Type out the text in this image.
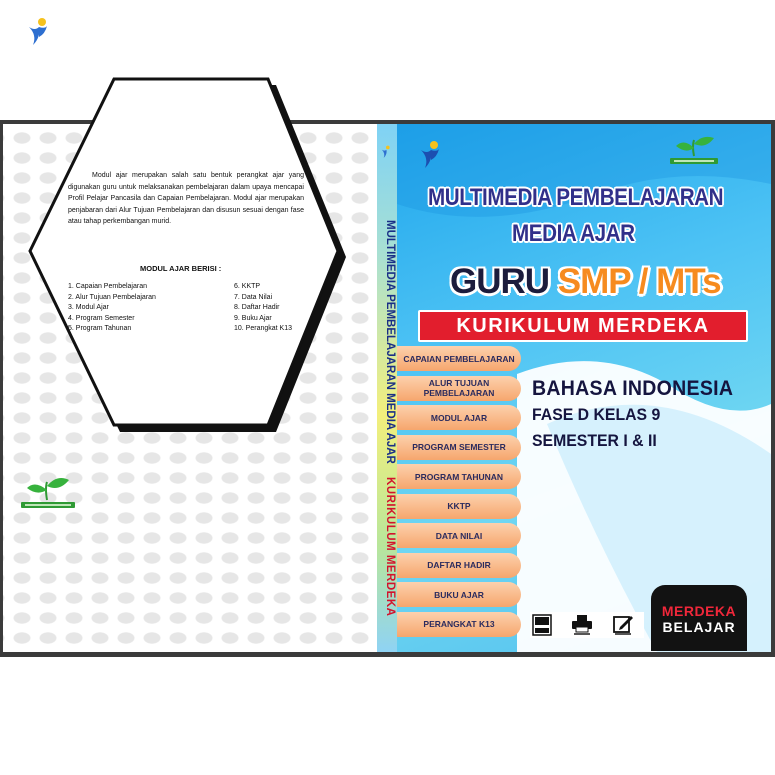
Modul ajar merupakan salah satu bentuk perangkat ajar yang digunakan guru untuk melaksanakan pembelajaran dalam upaya mencapai Profil Pelajar Pancasila dan Capaian Pembelajaran. Modul ajar merupakan penjabaran dari Alur Tujuan Pembelajaran dan disusun sesuai dengan fase atau tahap perkembangan murid.

MODUL AJAR BERISI :
1. Capaian Pembelajaran
2. Alur Tujuan Pembelajaran
3. Modul Ajar
4. Program Semester
5. Program Tahunan
6. KKTP
7. Data Nilai
8. Daftar Hadir
9. Buku Ajar
10. Perangkat K13	MULTIMEDIA PEMBELAJARAN MEDIA AJAR KURIKULUM MERDEKA
MULTIMEDIA PEMBELAJARAN
MEDIA AJAR
GURU SMP / MTs
KURIKULUM MERDEKA
CAPAIAN PEMBELAJARAN
ALUR TUJUAN PEMBELAJARAN
MODUL AJAR
PROGRAM SEMESTER
PROGRAM TAHUNAN
KKTP
DATA NILAI
DAFTAR HADIR
BUKU AJAR
PERANGKAT K13
BAHASA INDONESIA
FASE D KELAS 9
SEMESTER I & II
MERDEKA
BELAJAR
